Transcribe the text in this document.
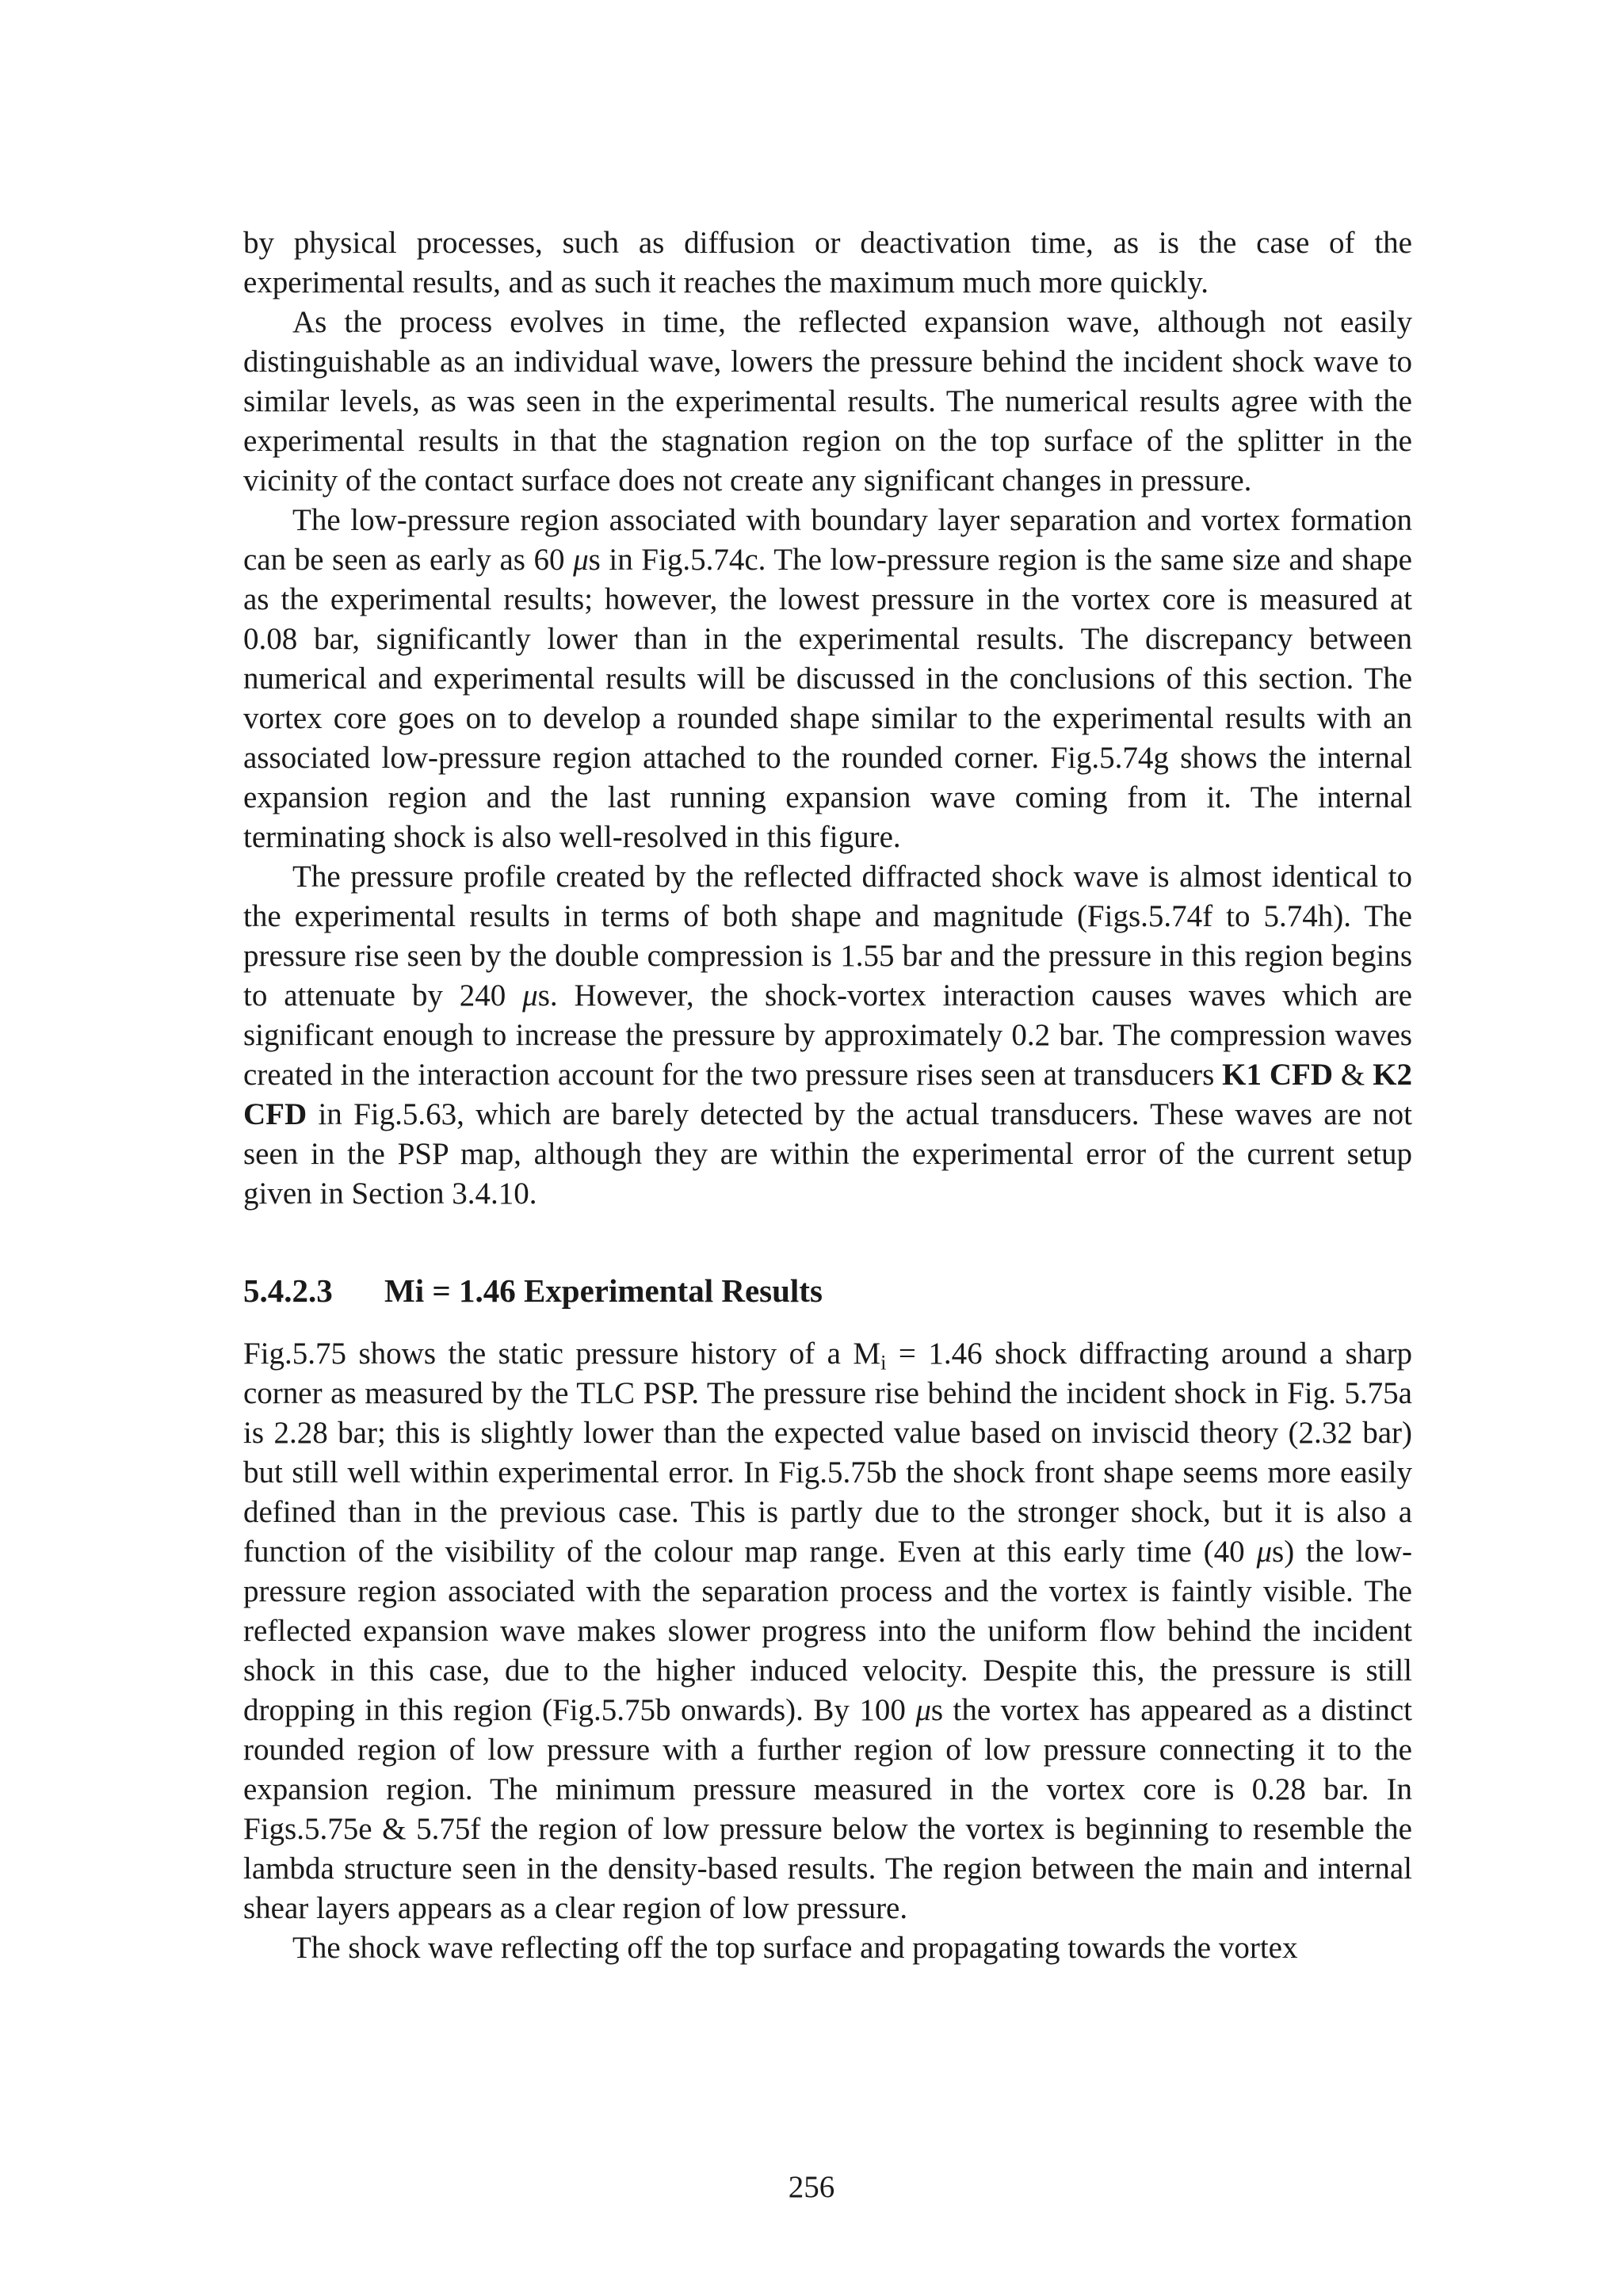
by physical processes, such as diffusion or deactivation time, as is the case of the experimental results, and as such it reaches the maximum much more quickly.

As the process evolves in time, the reflected expansion wave, although not easily distinguishable as an individual wave, lowers the pressure behind the incident shock wave to similar levels, as was seen in the experimental results. The numerical results agree with the experimental results in that the stagnation region on the top surface of the splitter in the vicinity of the contact surface does not create any significant changes in pressure.

The low-pressure region associated with boundary layer separation and vortex formation can be seen as early as 60 μs in Fig.5.74c. The low-pressure region is the same size and shape as the experimental results; however, the lowest pressure in the vortex core is measured at 0.08 bar, significantly lower than in the experimental results. The discrepancy between numerical and experimental results will be discussed in the conclusions of this section. The vortex core goes on to develop a rounded shape similar to the experimental results with an associated low-pressure region attached to the rounded corner. Fig.5.74g shows the internal expansion region and the last running expansion wave coming from it. The internal terminating shock is also well-resolved in this figure.

The pressure profile created by the reflected diffracted shock wave is almost identical to the experimental results in terms of both shape and magnitude (Figs.5.74f to 5.74h). The pressure rise seen by the double compression is 1.55 bar and the pressure in this region begins to attenuate by 240 μs. However, the shock-vortex interaction causes waves which are significant enough to increase the pressure by approximately 0.2 bar. The compression waves created in the interaction account for the two pressure rises seen at transducers K1 CFD & K2 CFD in Fig.5.63, which are barely detected by the actual transducers. These waves are not seen in the PSP map, although they are within the experimental error of the current setup given in Section 3.4.10.

5.4.2.3 Mi = 1.46 Experimental Results

Fig.5.75 shows the static pressure history of a $M_i = 1.46$ shock diffracting around a sharp corner as measured by the TLC PSP. The pressure rise behind the incident shock in Fig. 5.75a is 2.28 bar; this is slightly lower than the expected value based on inviscid theory (2.32 bar) but still well within experimental error. In Fig.5.75b the shock front shape seems more easily defined than in the previous case. This is partly due to the stronger shock, but it is also a function of the visibility of the colour map range. Even at this early time (40 μs) the low-pressure region associated with the separation process and the vortex is faintly visible. The reflected expansion wave makes slower progress into the uniform flow behind the incident shock in this case, due to the higher induced velocity. Despite this, the pressure is still dropping in this region (Fig.5.75b onwards). By 100 μs the vortex has appeared as a distinct rounded region of low pressure with a further region of low pressure connecting it to the expansion region. The minimum pressure measured in the vortex core is 0.28 bar. In Figs.5.75e & 5.75f the region of low pressure below the vortex is beginning to resemble the lambda structure seen in the density-based results. The region between the main and internal shear layers appears as a clear region of low pressure.

The shock wave reflecting off the top surface and propagating towards the vortex

256
